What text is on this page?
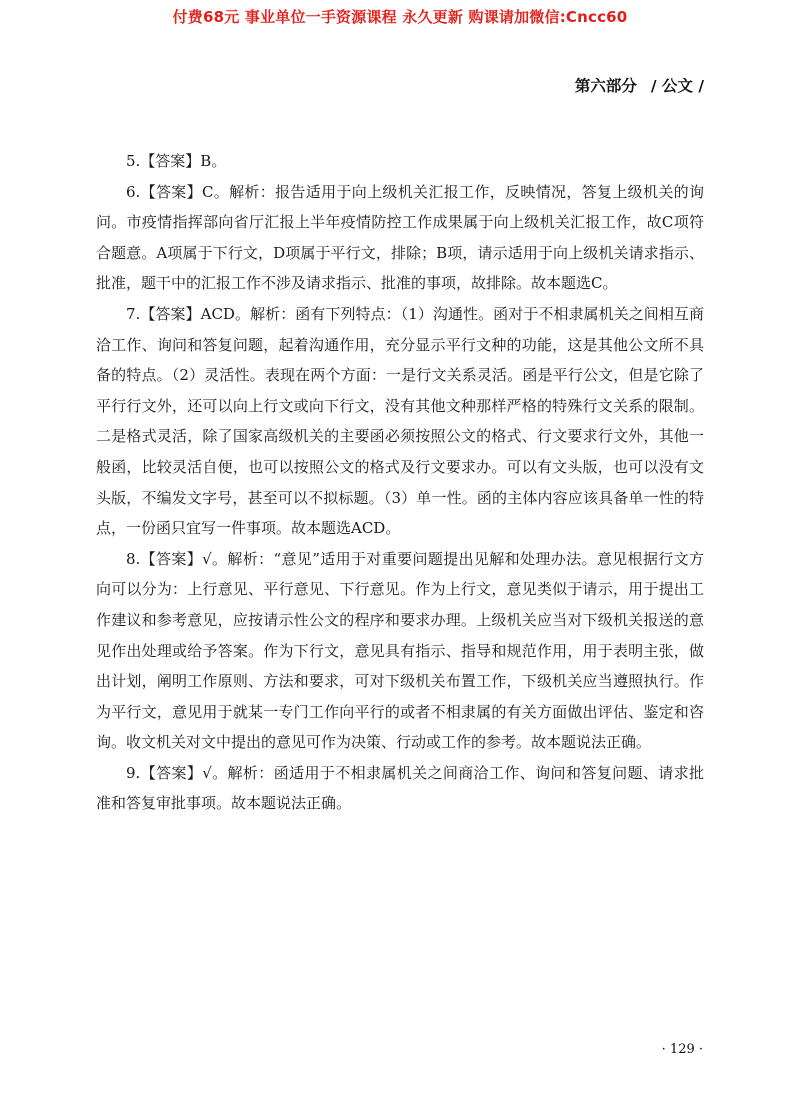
付费68元 事业单位一手资源课程 永久更新 购课请加微信:Cncc60
第六部分 / 公文 /

5.【答案】B。

6.【答案】C。解析：报告适用于向上级机关汇报工作，反映情况，答复上级机关的询问。市疫情指挥部向省厅汇报上半年疫情防控工作成果属于向上级机关汇报工作，故C项符合题意。A项属于下行文，D项属于平行文，排除；B项，请示适用于向上级机关请求指示、批准，题干中的汇报工作不涉及请求指示、批准的事项，故排除。故本题选C。

7.【答案】ACD。解析：函有下列特点：（1）沟通性。函对于不相隶属机关之间相互商洽工作、询问和答复问题，起着沟通作用，充分显示平行文种的功能，这是其他公文所不具备的特点。（2）灵活性。表现在两个方面：一是行文关系灵活。函是平行公文，但是它除了平行行文外，还可以向上行文或向下行文，没有其他文种那样严格的特殊行文关系的限制。二是格式灵活，除了国家高级机关的主要函必须按照公文的格式、行文要求行文外，其他一般函，比较灵活自便，也可以按照公文的格式及行文要求办。可以有文头版，也可以没有文头版，不编发文字号，甚至可以不拟标题。（3）单一性。函的主体内容应该具备单一性的特点，一份函只宜写一件事项。故本题选ACD。

8.【答案】√。解析：“意见”适用于对重要问题提出见解和处理办法。意见根据行文方向可以分为：上行意见、平行意见、下行意见。作为上行文，意见类似于请示，用于提出工作建议和参考意见，应按请示性公文的程序和要求办理。上级机关应当对下级机关报送的意见作出处理或给予答案。作为下行文，意见具有指示、指导和规范作用，用于表明主张，做出计划，阐明工作原则、方法和要求，可对下级机关布置工作，下级机关应当遵照执行。作为平行文，意见用于就某一专门工作向平行的或者不相隶属的有关方面做出评估、鉴定和咨询。收文机关对文中提出的意见可作为决策、行动或工作的参考。故本题说法正确。

9.【答案】√。解析：函适用于不相隶属机关之间商洽工作、询问和答复问题、请求批准和答复审批事项。故本题说法正确。

· 129 ·
